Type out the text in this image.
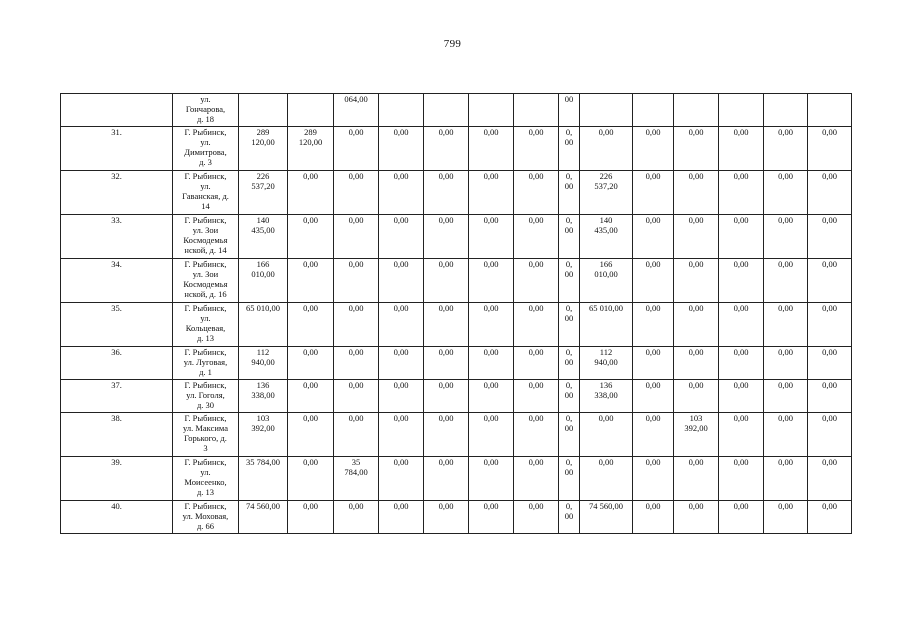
799
	ул.
Гончарова,
д. 18			064,00					00						
31.	Г. Рыбинск,
ул.
Димитрова,
д. 3	289
120,00	289
120,00	0,00	0,00	0,00	0,00	0,00	0,
00	0,00	0,00	0,00	0,00	0,00	0,00
32.	Г. Рыбинск,
ул.
Гаванская, д.
14	226
537,20	0,00	0,00	0,00	0,00	0,00	0,00	0,
00	226
537,20	0,00	0,00	0,00	0,00	0,00
33.	Г. Рыбинск,
ул. Зои
Космодемья
нской, д. 14	140
435,00	0,00	0,00	0,00	0,00	0,00	0,00	0,
00	140
435,00	0,00	0,00	0,00	0,00	0,00
34.	Г. Рыбинск,
ул. Зои
Космодемья
нской, д. 16	166
010,00	0,00	0,00	0,00	0,00	0,00	0,00	0,
00	166
010,00	0,00	0,00	0,00	0,00	0,00
35.	Г. Рыбинск,
ул.
Кольцевая,
д. 13	65 010,00	0,00	0,00	0,00	0,00	0,00	0,00	0,
00	65 010,00	0,00	0,00	0,00	0,00	0,00
36.	Г. Рыбинск,
ул. Луговая,
д. 1	112
940,00	0,00	0,00	0,00	0,00	0,00	0,00	0,
00	112
940,00	0,00	0,00	0,00	0,00	0,00
37.	Г. Рыбинск,
ул. Гоголя,
д. 30	136
338,00	0,00	0,00	0,00	0,00	0,00	0,00	0,
00	136
338,00	0,00	0,00	0,00	0,00	0,00
38.	Г. Рыбинск,
ул. Максима
Горького, д.
3	103
392,00	0,00	0,00	0,00	0,00	0,00	0,00	0,
00	0,00	0,00	103
392,00	0,00	0,00	0,00
39.	Г. Рыбинск,
ул.
Моисеенко,
д. 13	35 784,00	0,00	35
784,00	0,00	0,00	0,00	0,00	0,
00	0,00	0,00	0,00	0,00	0,00	0,00
40.	Г. Рыбинск,
ул. Моховая,
д. 66	74 560,00	0,00	0,00	0,00	0,00	0,00	0,00	0,
00	74 560,00	0,00	0,00	0,00	0,00	0,00
